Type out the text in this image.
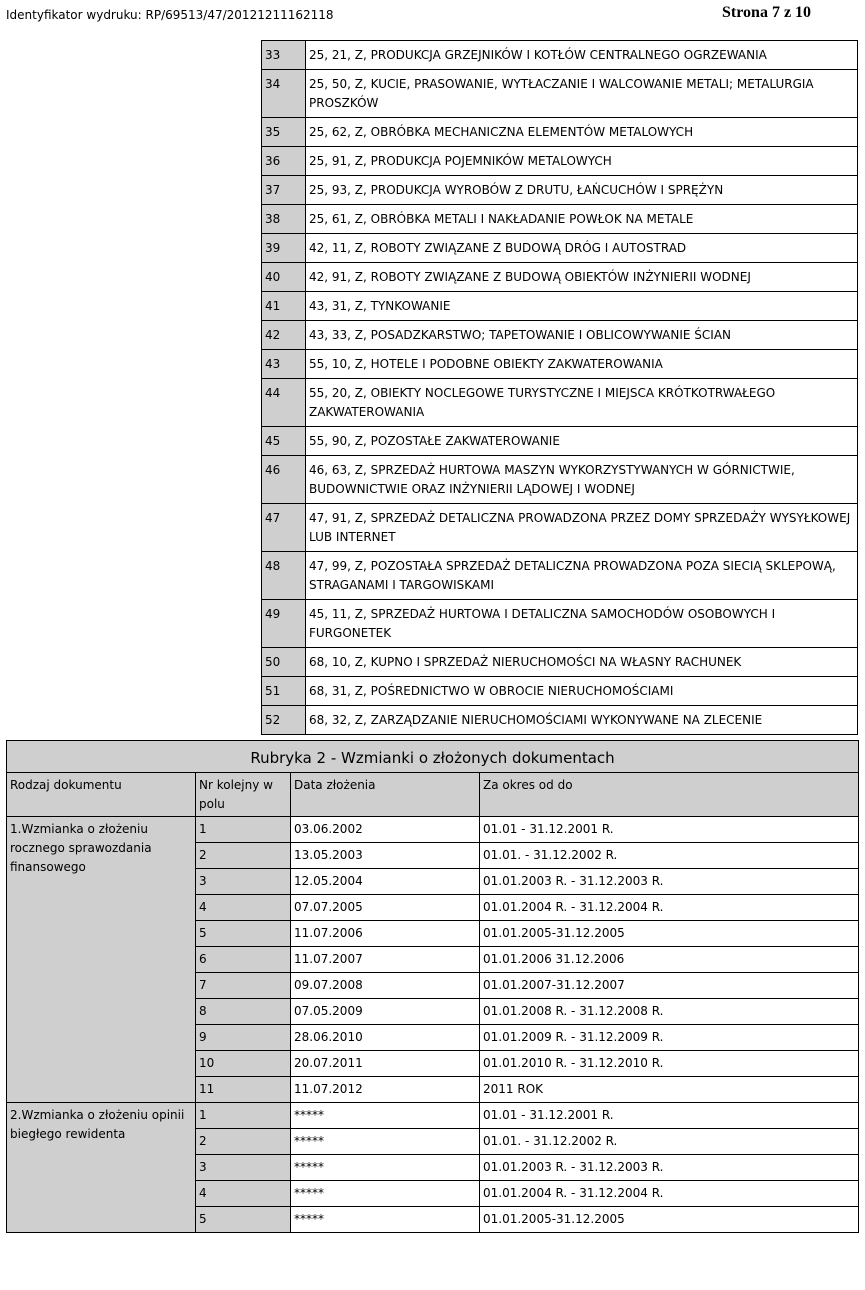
Identyfikator wydruku: RP/69513/47/20121211162118	Strona 7 z 10
33	25, 21, Z, PRODUKCJA GRZEJNIKÓW I KOTŁÓW CENTRALNEGO OGRZEWANIA
34	25, 50, Z, KUCIE, PRASOWANIE, WYTŁACZANIE I WALCOWANIE METALI; METALURGIA PROSZKÓW
35	25, 62, Z, OBRÓBKA MECHANICZNA ELEMENTÓW METALOWYCH
36	25, 91, Z, PRODUKCJA POJEMNIKÓW METALOWYCH
37	25, 93, Z, PRODUKCJA WYROBÓW Z DRUTU, ŁAŃCUCHÓW I SPRĘŻYN
38	25, 61, Z, OBRÓBKA METALI I NAKŁADANIE POWŁOK NA METALE
39	42, 11, Z, ROBOTY ZWIĄZANE Z BUDOWĄ DRÓG I AUTOSTRAD
40	42, 91, Z, ROBOTY ZWIĄZANE Z BUDOWĄ OBIEKTÓW INŻYNIERII WODNEJ
41	43, 31, Z, TYNKOWANIE
42	43, 33, Z, POSADZKARSTWO; TAPETOWANIE I OBLICOWYWANIE ŚCIAN
43	55, 10, Z, HOTELE I PODOBNE OBIEKTY ZAKWATEROWANIA
44	55, 20, Z, OBIEKTY NOCLEGOWE TURYSTYCZNE I MIEJSCA KRÓTKOTRWAŁEGO ZAKWATEROWANIA
45	55, 90, Z, POZOSTAŁE ZAKWATEROWANIE
46	46, 63, Z, SPRZEDAŻ HURTOWA MASZYN WYKORZYSTYWANYCH W GÓRNICTWIE, BUDOWNICTWIE ORAZ INŻYNIERII LĄDOWEJ I WODNEJ
47	47, 91, Z, SPRZEDAŻ DETALICZNA PROWADZONA PRZEZ DOMY SPRZEDAŻY WYSYŁKOWEJ LUB INTERNET
48	47, 99, Z, POZOSTAŁA SPRZEDAŻ DETALICZNA PROWADZONA POZA SIECIĄ SKLEPOWĄ, STRAGANAMI I TARGOWISKAMI
49	45, 11, Z, SPRZEDAŻ HURTOWA I DETALICZNA SAMOCHODÓW OSOBOWYCH I FURGONETEK
50	68, 10, Z, KUPNO I SPRZEDAŻ NIERUCHOMOŚCI NA WŁASNY RACHUNEK
51	68, 31, Z, POŚREDNICTWO W OBROCIE NIERUCHOMOŚCIAMI
52	68, 32, Z, ZARZĄDZANIE NIERUCHOMOŚCIAMI WYKONYWANE NA ZLECENIE
Rubryka 2 - Wzmianki o złożonych dokumentach			
Rodzaj dokumentu	Nr kolejny w polu	Data złożenia	Za okres od do
1.Wzmianka o złożeniu rocznego sprawozdania finansowego	1	03.06.2002	01.01 - 31.12.2001 R.
	2	13.05.2003	01.01. - 31.12.2002 R.
	3	12.05.2004	01.01.2003 R. - 31.12.2003 R.
	4	07.07.2005	01.01.2004 R. - 31.12.2004 R.
	5	11.07.2006	01.01.2005-31.12.2005
	6	11.07.2007	01.01.2006 31.12.2006
	7	09.07.2008	01.01.2007-31.12.2007
	8	07.05.2009	01.01.2008 R. - 31.12.2008 R.
	9	28.06.2010	01.01.2009 R. - 31.12.2009 R.
	10	20.07.2011	01.01.2010 R. - 31.12.2010 R.
	11	11.07.2012	2011 ROK
2.Wzmianka o złożeniu opinii biegłego rewidenta	1	*****	01.01 - 31.12.2001 R.
	2	*****	01.01. - 31.12.2002 R.
	3	*****	01.01.2003 R. - 31.12.2003 R.
	4	*****	01.01.2004 R. - 31.12.2004 R.
	5	*****	01.01.2005-31.12.2005
